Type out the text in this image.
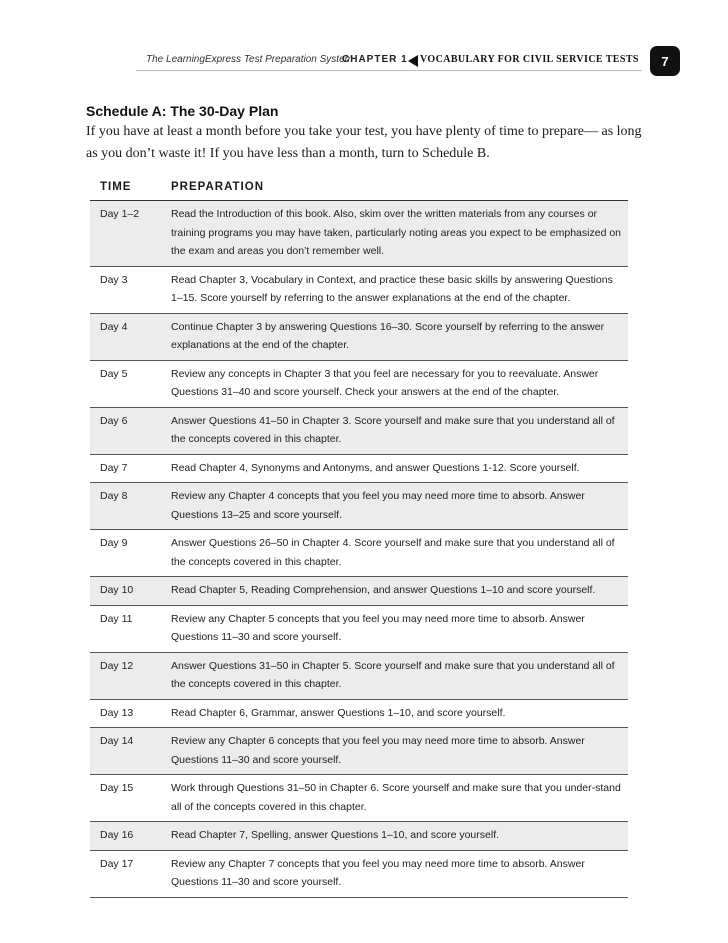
The LearningExpress Test Preparation System
CHAPTER 1 VOCABULARY FOR CIVIL SERVICE TESTS	7
Schedule A: The 30-Day Plan
If you have at least a month before you take your test, you have plenty of time to prepare— as long as you don’t waste it! If you have less than a month, turn to Schedule B.
TIME	PREPARATION
Day 1–2	Read the Introduction of this book. Also, skim over the written materials from any courses or training programs you may have taken, particularly noting areas you expect to be emphasized on the exam and areas you don’t remember well.
Day 3	Read Chapter 3, Vocabulary in Context, and practice these basic skills by answering Questions 1–15. Score yourself by referring to the answer explanations at the end of the chapter.
Day 4	Continue Chapter 3 by answering Questions 16–30. Score yourself by referring to the answer explanations at the end of the chapter.
Day 5	Review any concepts in Chapter 3 that you feel are necessary for you to reevaluate. Answer Questions 31–40 and score yourself. Check your answers at the end of the chapter.
Day 6	Answer Questions 41–50 in Chapter 3. Score yourself and make sure that you understand all of the concepts covered in this chapter.
Day 7	Read Chapter 4, Synonyms and Antonyms, and answer Questions 1-12. Score yourself.
Day 8	Review any Chapter 4 concepts that you feel you may need more time to absorb. Answer Questions 13–25 and score yourself.
Day 9	Answer Questions 26–50 in Chapter 4. Score yourself and make sure that you understand all of the concepts covered in this chapter.
Day 10	Read Chapter 5, Reading Comprehension, and answer Questions 1–10 and score yourself.
Day 11	Review any Chapter 5 concepts that you feel you may need more time to absorb. Answer Questions 11–30 and score yourself.
Day 12	Answer Questions 31–50 in Chapter 5. Score yourself and make sure that you understand all of the concepts covered in this chapter.
Day 13	Read Chapter 6, Grammar, answer Questions 1–10, and score yourself.
Day 14	Review any Chapter 6 concepts that you feel you may need more time to absorb. Answer Questions 11–30 and score yourself.
Day 15	Work through Questions 31–50 in Chapter 6. Score yourself and make sure that you under-stand all of the concepts covered in this chapter.
Day 16	Read Chapter 7, Spelling, answer Questions 1–10, and score yourself.
Day 17	Review any Chapter 7 concepts that you feel you may need more time to absorb. Answer Questions 11–30 and score yourself.
